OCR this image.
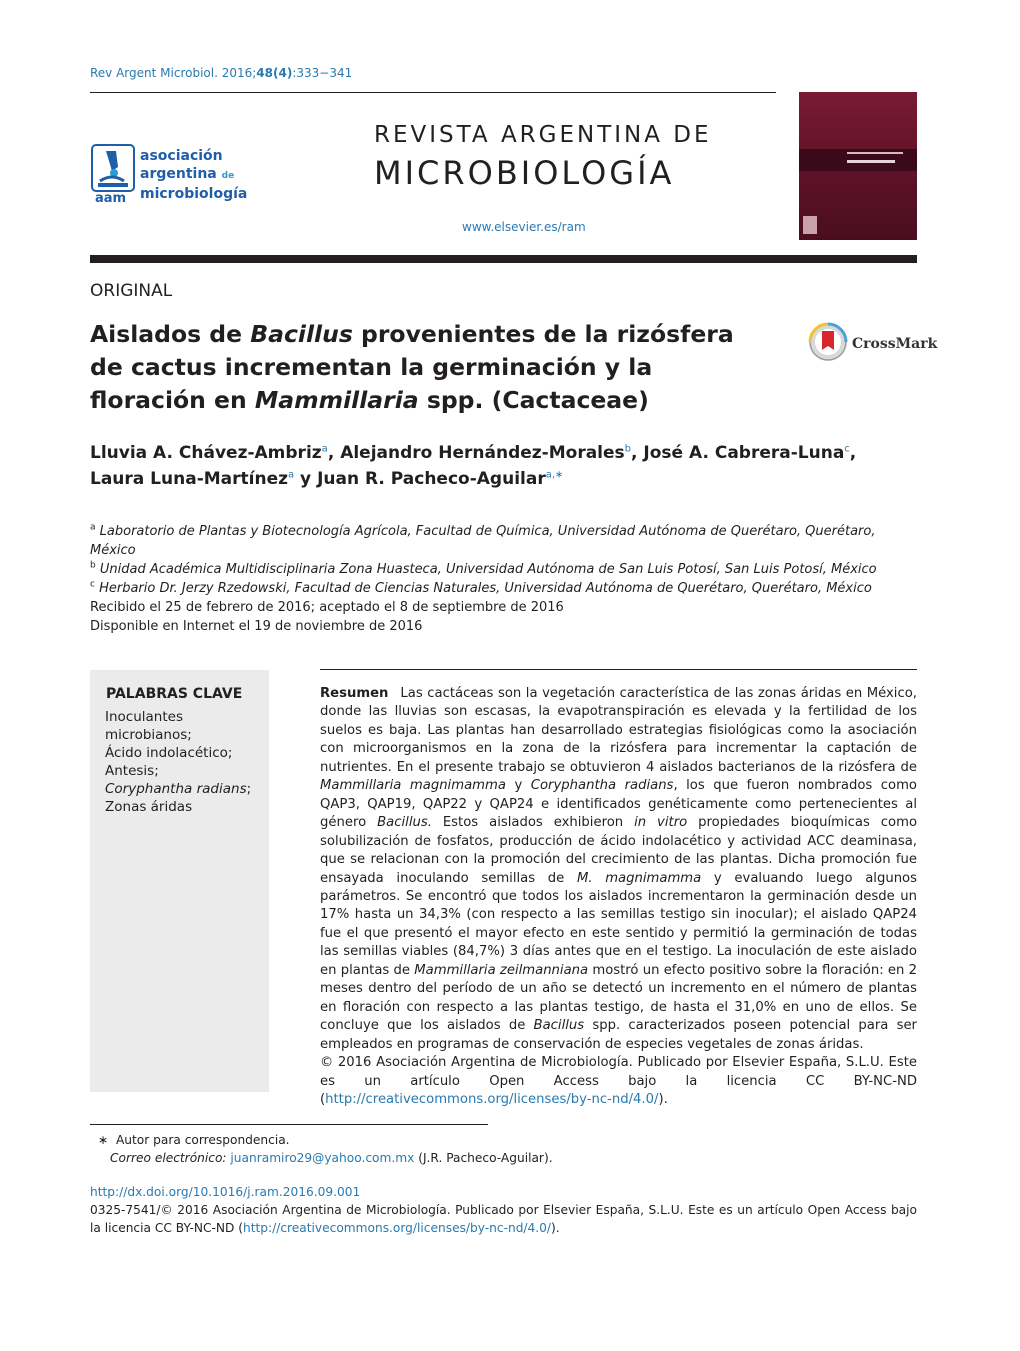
Rev Argent Microbiol. 2016;48(4):333−341
aam
asociación
argentina de
microbiología
REVISTA ARGENTINA DE
MICROBIOLOGÍA
www.elsevier.es/ram
ORIGINAL
Aislados de Bacillus provenientes de la rizósfera de cactus incrementan la germinación y la floración en Mammillaria spp. (Cactaceae)
CrossMark
Lluvia A. Chávez-Ambriz$^a$, Alejandro Hernández-Morales$^b$, José A. Cabrera-Luna$^c$,
Laura Luna-Martínez$^a$ y Juan R. Pacheco-Aguilar$^{a,∗}$
$^a$ Laboratorio de Plantas y Biotecnología Agrícola, Facultad de Química, Universidad Autónoma de Querétaro, Querétaro, México
$^b$ Unidad Académica Multidisciplinaria Zona Huasteca, Universidad Autónoma de San Luis Potosí, San Luis Potosí, México
$^c$ Herbario Dr. Jerzy Rzedowski, Facultad de Ciencias Naturales, Universidad Autónoma de Querétaro, Querétaro, México
Recibido el 25 de febrero de 2016; aceptado el 8 de septiembre de 2016
Disponible en Internet el 19 de noviembre de 2016
PALABRAS CLAVE
Inoculantes
microbianos;
Ácido indolacético;
Antesis;
Coryphantha radians;
Zonas áridas

Resumen Las cactáceas son la vegetación característica de las zonas áridas en México, donde las lluvias son escasas, la evapotranspiración es elevada y la fertilidad de los suelos es baja. Las plantas han desarrollado estrategias fisiológicas como la asociación con microorganismos en la zona de la rizósfera para incrementar la captación de nutrientes. En el presente trabajo se obtuvieron 4 aislados bacterianos de la rizósfera de Mammillaria magnimamma y Coryphantha radians, los que fueron nombrados como QAP3, QAP19, QAP22 y QAP24 e identificados genéticamente como pertenecientes al género Bacillus. Estos aislados exhibieron in vitro propiedades bioquímicas como solubilización de fosfatos, producción de ácido indolacético y actividad ACC deaminasa, que se relacionan con la promoción del crecimiento de las plantas. Dicha promoción fue ensayada inoculando semillas de M. magnimamma y evaluando luego algunos parámetros. Se encontró que todos los aislados incrementaron la germinación desde un 17% hasta un 34,3% (con respecto a las semillas testigo sin inocular); el aislado QAP24 fue el que presentó el mayor efecto en este sentido y permitió la germinación de todas las semillas viables (84,7%) 3 días antes que en el testigo. La inoculación de este aislado en plantas de Mammillaria zeilmanniana mostró un efecto positivo sobre la floración: en 2 meses dentro del período de un año se detectó un incremento en el número de plantas en floración con respecto a las plantas testigo, de hasta el 31,0% en uno de ellos. Se concluye que los aislados de Bacillus spp. caracterizados poseen potencial para ser empleados en programas de conservación de especies vegetales de zonas áridas.

© 2016 Asociación Argentina de Microbiología. Publicado por Elsevier España, S.L.U. Este es un artículo Open Access bajo la licencia CC BY-NC-ND (http://creativecommons.org/licenses/by-nc-nd/4.0/).

∗ Autor para correspondencia.
Correo electrónico: juanramiro29@yahoo.com.mx (J.R. Pacheco-Aguilar).
http://dx.doi.org/10.1016/j.ram.2016.09.001
0325-7541/© 2016 Asociación Argentina de Microbiología. Publicado por Elsevier España, S.L.U. Este es un artículo Open Access bajo la licencia CC BY-NC-ND (http://creativecommons.org/licenses/by-nc-nd/4.0/).
